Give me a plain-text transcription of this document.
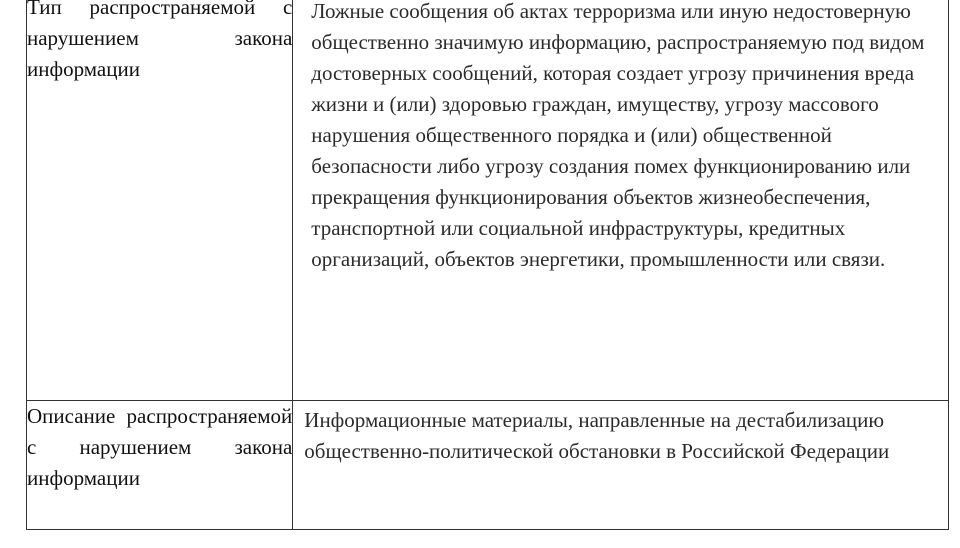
Тип распространяемой с нарушением закона информации	Ложные сообщения об актах терроризма или иную недостоверную общественно значимую информацию, распространяемую под видом достоверных сообщений, которая создает угрозу причинения вреда жизни и (или) здоровью граждан, имуществу, угрозу массового нарушения общественного порядка и (или) общественной безопасности либо угрозу создания помех функционированию или прекращения функционирования объектов жизнеобеспечения, транспортной или социальной инфраструктуры, кредитных организаций, объектов энергетики, промышленности или связи.
Описание распространяемой с нарушением закона информации	Информационные материалы, направленные на дестабилизацию общественно-политической обстановки в Российской Федерации
